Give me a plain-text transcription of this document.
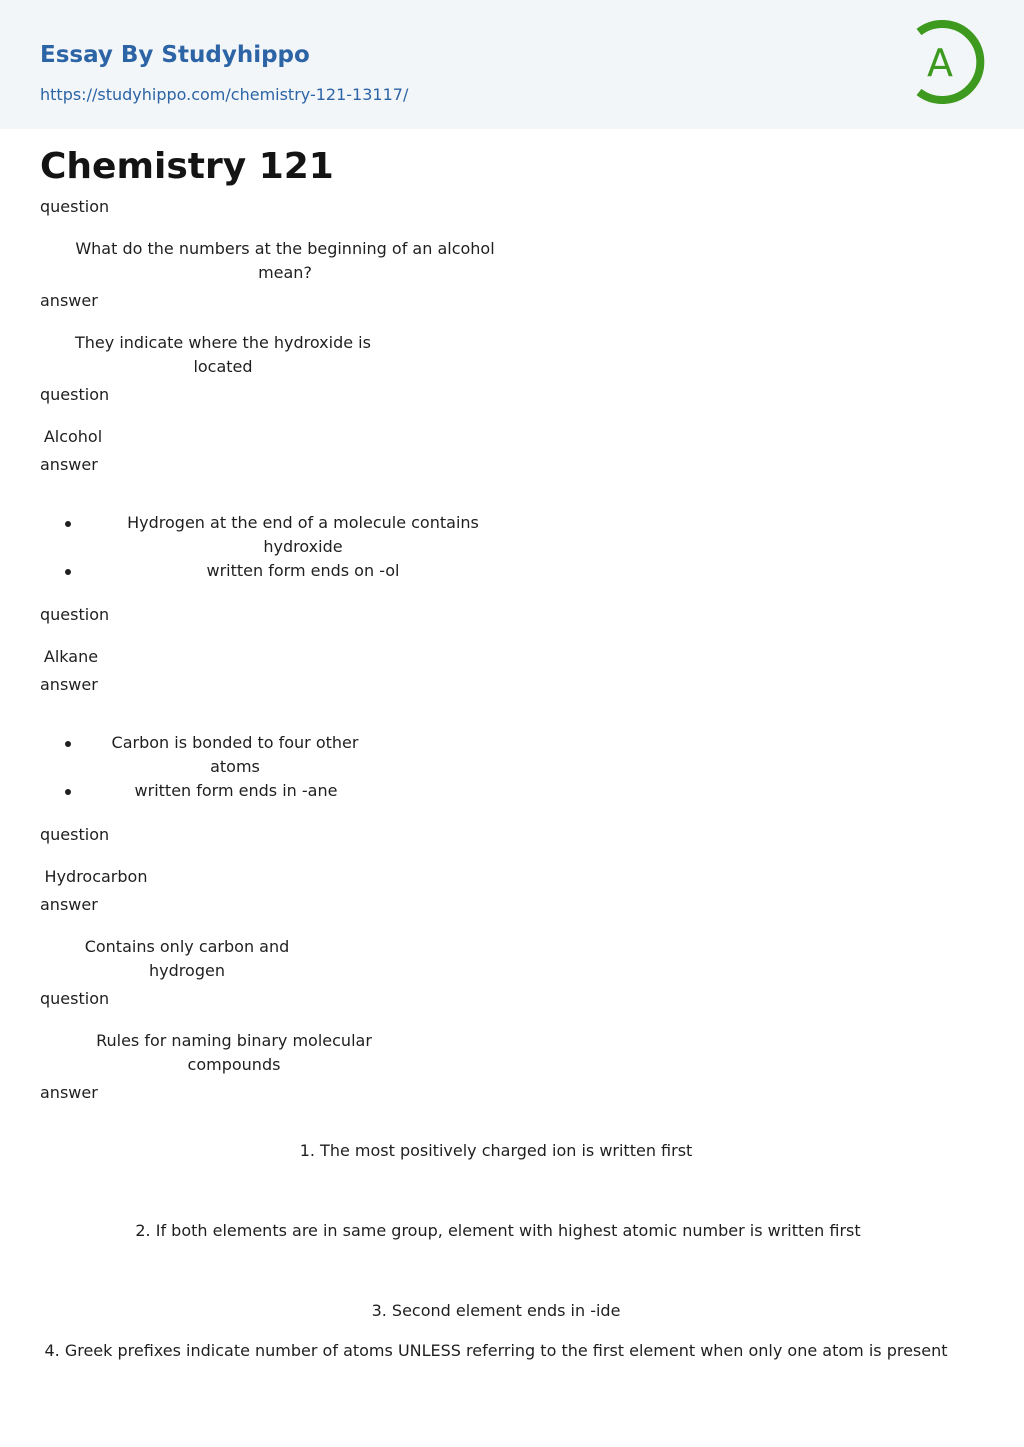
Essay By Studyhippo
https://studyhippo.com/chemistry-121-13117/
A
Chemistry 121
question
What do the numbers at the beginning of an alcohol mean?
answer
They indicate where the hydroxide is located
question
Alcohol
answer
Hydrogen at the end of a molecule contains hydroxide
written form ends on -ol
question
Alkane
answer
Carbon is bonded to four other atoms
written form ends in -ane
question
Hydrocarbon
answer
Contains only carbon and hydrogen
question
Rules for naming binary molecular compounds
answer
1. The most positively charged ion is written first
2. If both elements are in same group, element with highest atomic number is written first
3. Second element ends in -ide
4. Greek prefixes indicate number of atoms UNLESS referring to the first element when only one atom is present
